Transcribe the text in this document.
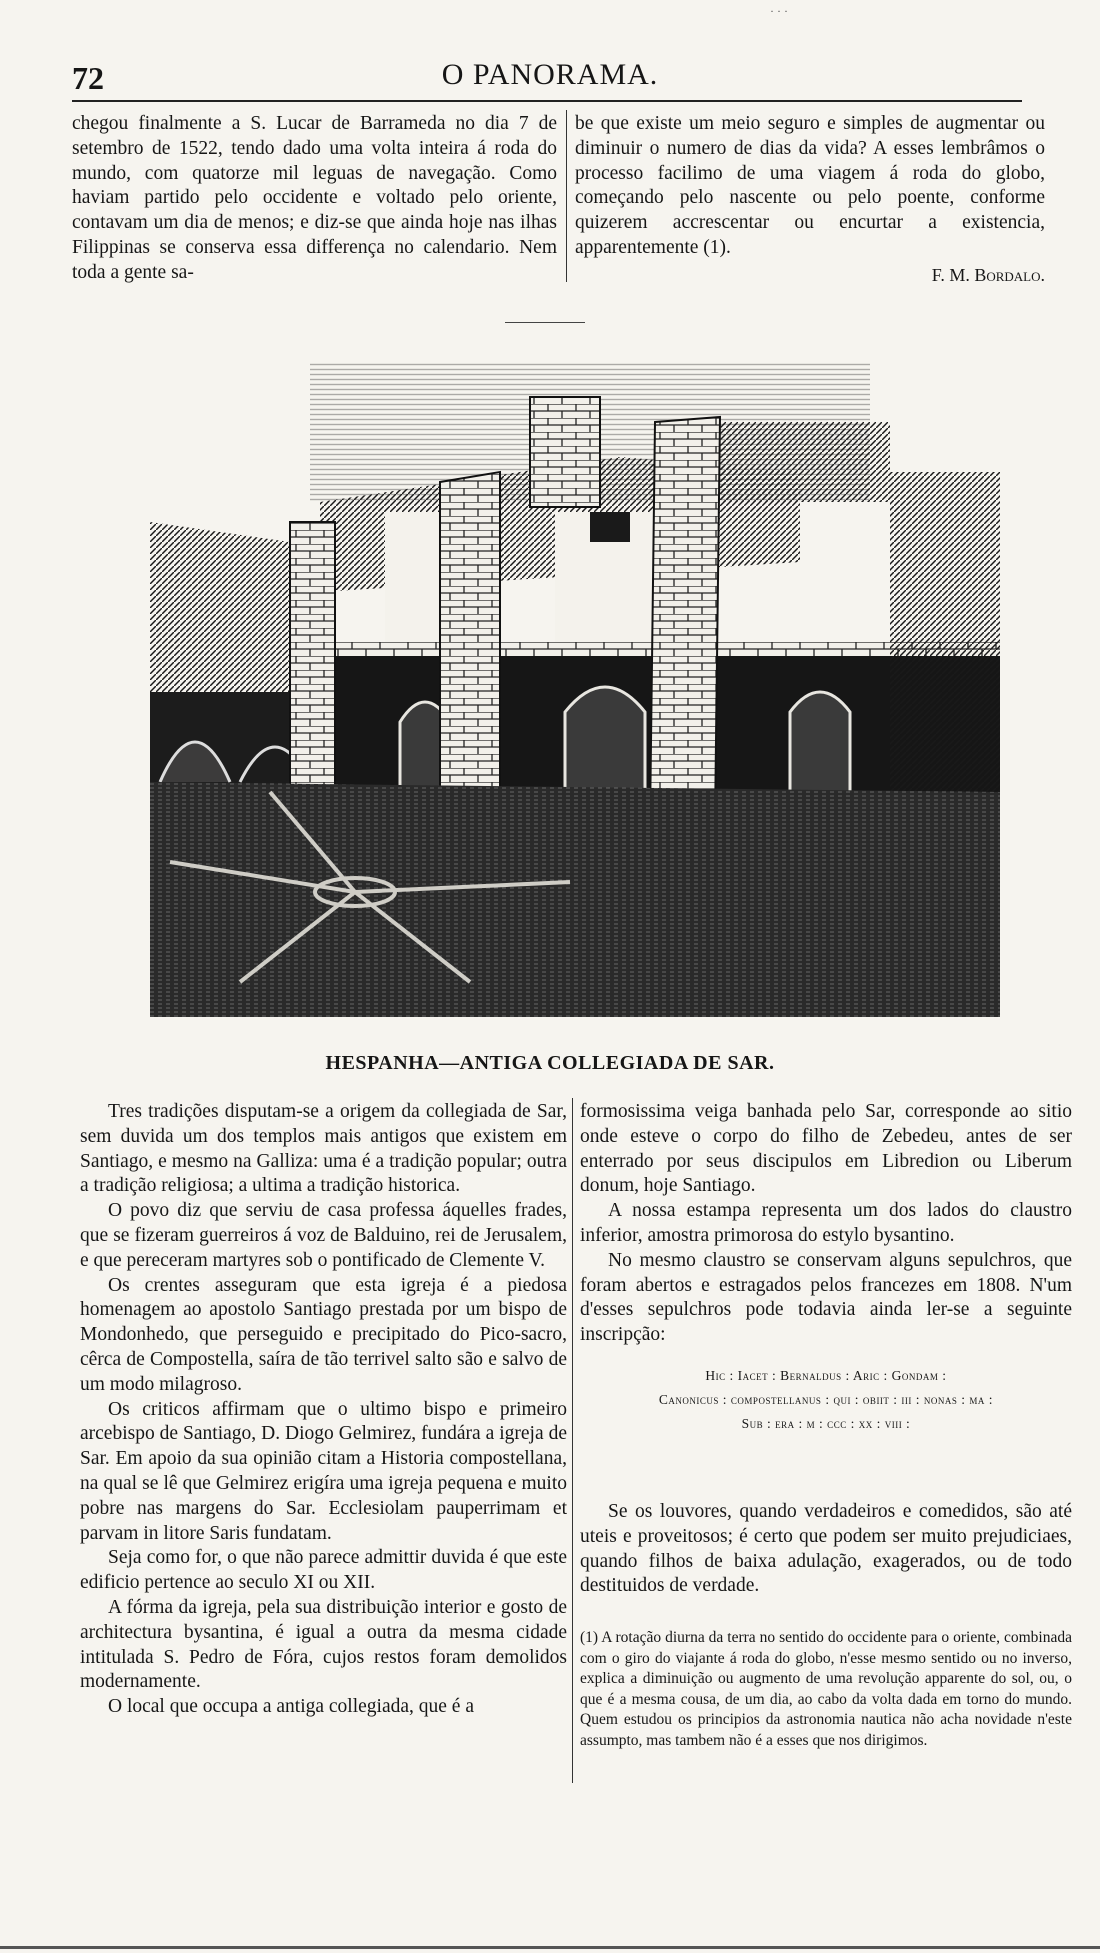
· · ·
72	O PANORAMA.

chegou finalmente a S. Lucar de Barrameda no dia 7 de setembro de 1522, tendo dado uma volta inteira á roda do mundo, com quatorze mil leguas de navegação. Como haviam partido pelo occidente e voltado pelo oriente, contavam um dia de menos; e diz-se que ainda hoje nas ilhas Filippinas se conserva essa differença no calendario. Nem toda a gente sa-

be que existe um meio seguro e simples de augmentar ou diminuir o numero de dias da vida? A esses lembrâmos o processo facilimo de uma viagem á roda do globo, começando pelo nascente ou pelo poente, conforme quizerem accrescentar ou encurtar a existencia, apparentemente (1).

F. M. Bordalo.
HESPANHA—ANTIGA COLLEGIADA DE SAR.

Tres tradições disputam-se a origem da collegiada de Sar, sem duvida um dos templos mais antigos que existem em Santiago, e mesmo na Galliza: uma é a tradição popular; outra a tradição religiosa; a ultima a tradição historica.

O povo diz que serviu de casa professa áquelles frades, que se fizeram guerreiros á voz de Balduino, rei de Jerusalem, e que pereceram martyres sob o pontificado de Clemente V.

Os crentes asseguram que esta igreja é a piedosa homenagem ao apostolo Santiago prestada por um bispo de Mondonhedo, que perseguido e precipitado do Pico-sacro, cêrca de Compostella, saíra de tão terrivel salto são e salvo de um modo milagroso.

Os criticos affirmam que o ultimo bispo e primeiro arcebispo de Santiago, D. Diogo Gelmirez, fundára a igreja de Sar. Em apoio da sua opinião citam a Historia compostellana, na qual se lê que Gelmirez erigíra uma igreja pequena e muito pobre nas margens do Sar. Ecclesiolam pauperrimam et parvam in litore Saris fundatam.

Seja como for, o que não parece admittir duvida é que este edificio pertence ao seculo XI ou XII.

A fórma da igreja, pela sua distribuição interior e gosto de architectura bysantina, é igual a outra da mesma cidade intitulada S. Pedro de Fóra, cujos restos foram demolidos modernamente.

O local que occupa a antiga collegiada, que é a

formosissima veiga banhada pelo Sar, corresponde ao sitio onde esteve o corpo do filho de Zebedeu, antes de ser enterrado por seus discipulos em Libredion ou Liberum donum, hoje Santiago.

A nossa estampa representa um dos lados do claustro inferior, amostra primorosa do estylo bysantino.

No mesmo claustro se conservam alguns sepulchros, que foram abertos e estragados pelos francezes em 1808. N'um d'esses sepulchros pode todavia ainda ler-se a seguinte inscripção:

Hic : Iacet : Bernaldus : Aric : Gondam :
Canonicus : compostellanus : qui : obiit : iii : nonas : ma :
Sub : era : m : ccc : xx : viii :

Se os louvores, quando verdadeiros e comedidos, são até uteis e proveitosos; é certo que podem ser muito prejudiciaes, quando filhos de baixa adulação, exagerados, ou de todo destituidos de verdade.

(1) A rotação diurna da terra no sentido do occidente para o oriente, combinada com o giro do viajante á roda do globo, n'esse mesmo sentido ou no inverso, explica a diminuição ou augmento de uma revolução apparente do sol, ou, o que é a mesma cousa, de um dia, ao cabo da volta dada em torno do mundo. Quem estudou os principios da astronomia nautica não acha novidade n'este assumpto, mas tambem não é a esses que nos dirigimos.
